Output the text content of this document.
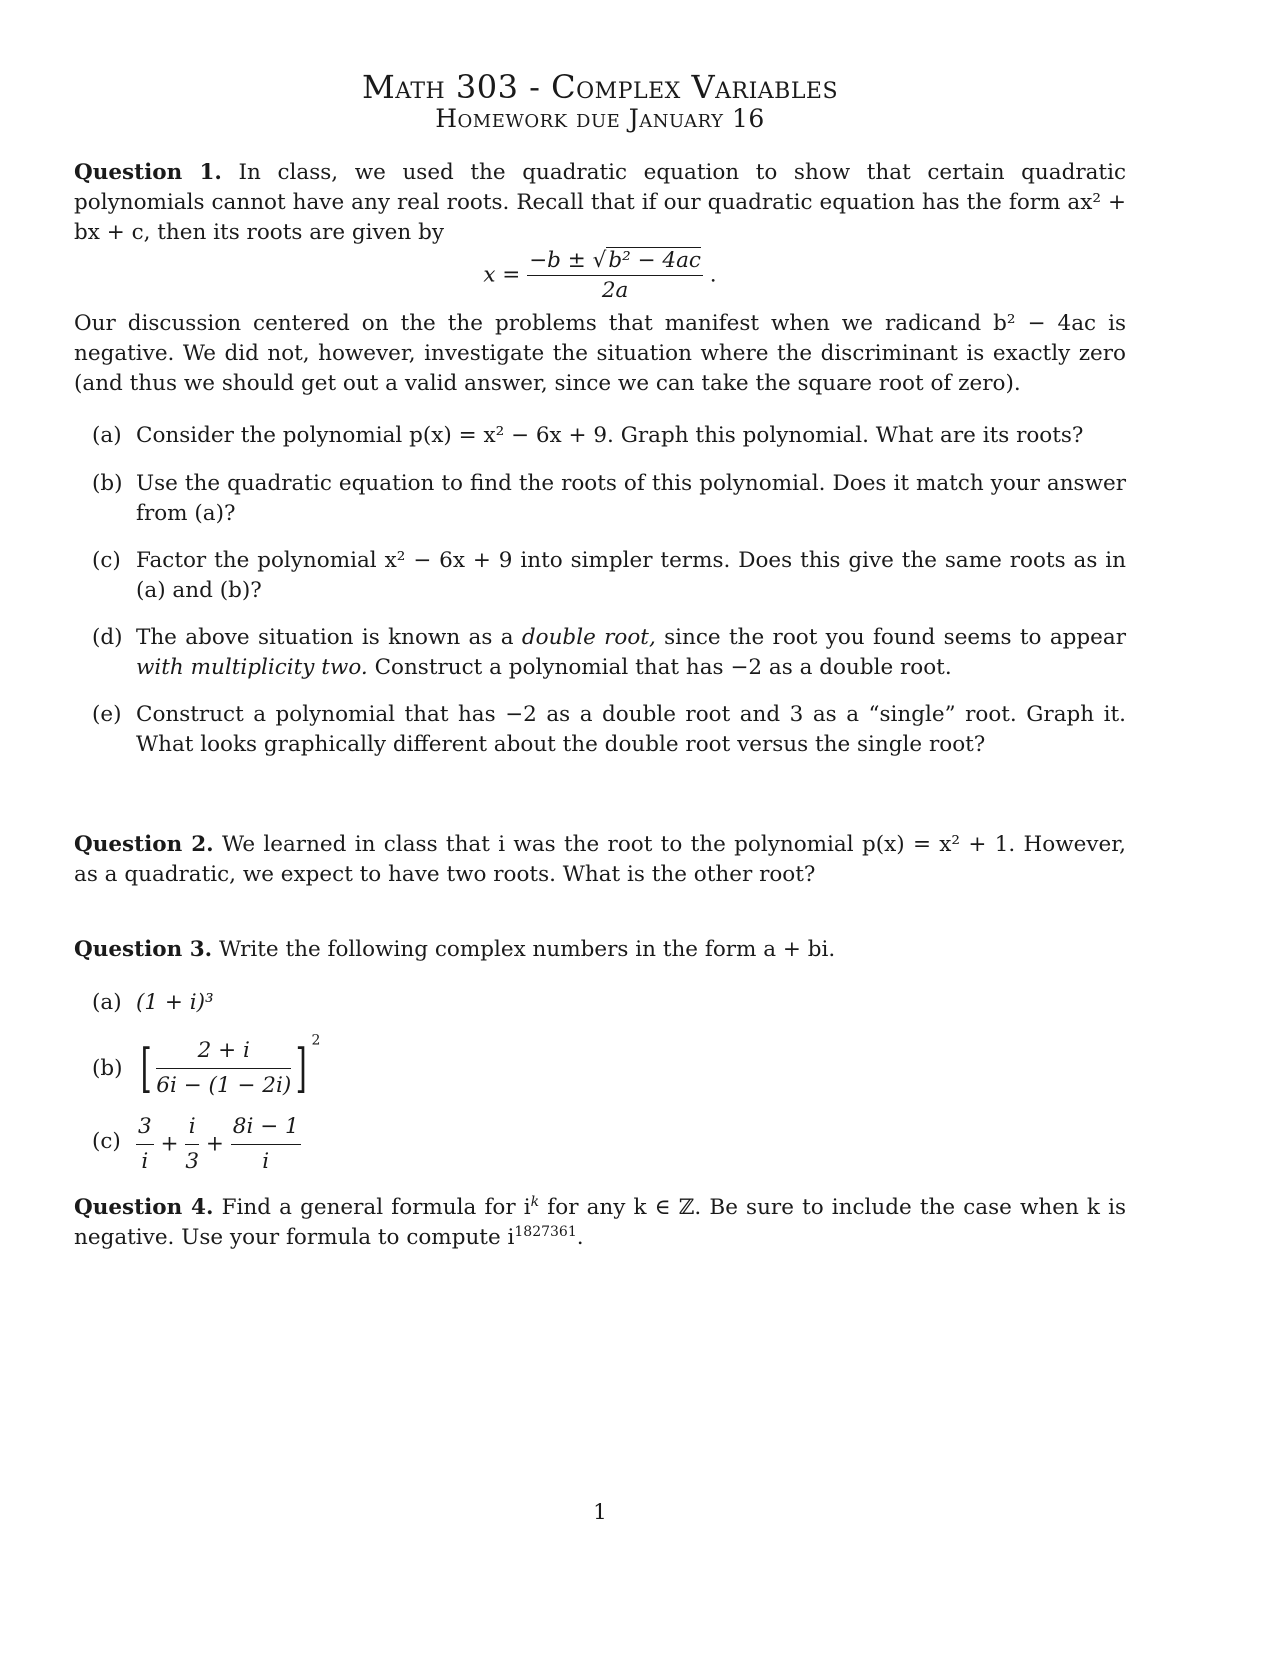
Math 303 - Complex Variables
Homework due January 16

Question 1. In class, we used the quadratic equation to show that certain quadratic polynomials cannot have any real roots. Recall that if our quadratic equation has the form ax² + bx + c, then its roots are given by

$x = \frac{\text{−b ± √b² − 4ac}}{2a}$ .

Our discussion centered on the the problems that manifest when we radicand b² − 4ac is negative. We did not, however, investigate the situation where the discriminant is exactly zero (and thus we should get out a valid answer, since we can take the square root of zero).

(a) Consider the polynomial p(x) = x² − 6x + 9. Graph this polynomial. What are its roots?
(b) Use the quadratic equation to find the roots of this polynomial. Does it match your answer from (a)?
(c) Factor the polynomial x² − 6x + 9 into simpler terms. Does this give the same roots as in (a) and (b)?
(d) The above situation is known as a double root, since the root you found seems to appear with multiplicity two. Construct a polynomial that has −2 as a double root.
(e) Construct a polynomial that has −2 as a double root and 3 as a “single” root. Graph it. What looks graphically different about the double root versus the single root?

Question 2. We learned in class that i was the root to the polynomial p(x) = x² + 1. However, as a quadratic, we expect to have two roots. What is the other root?

Question 3. Write the following complex numbers in the form a + bi.

(a) (1 + i)³
(b) [ $\frac{2 + i}{6i - (1 - 2i)}$ ] $^2$
$(c) \frac{3}{i} + \frac{i}{3} + \frac{8i - 1}{i}$

Question 4. Find a general formula for $i^k$ for any k ∈ ℤ. Be sure to include the case when k is negative. Use your formula to compute $i^{1827361}$.

1
